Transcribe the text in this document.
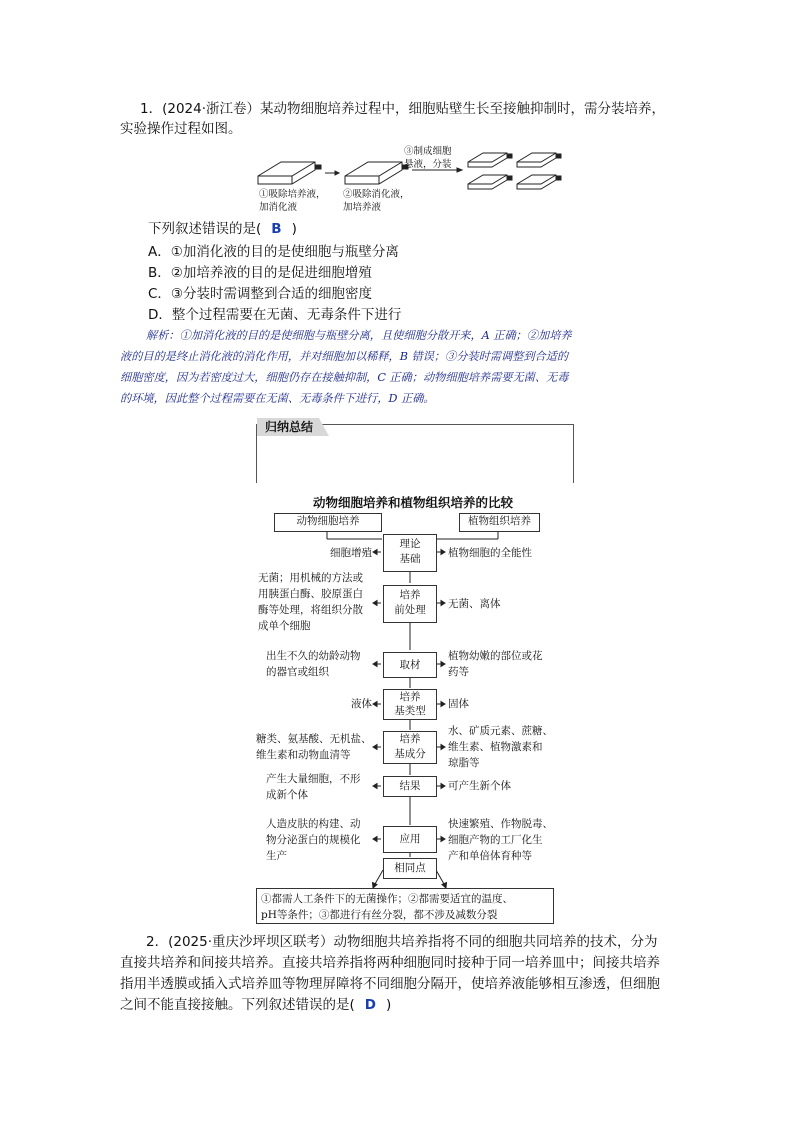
1．(2024·浙江卷）某动物细胞培养过程中，细胞贴壁生长至接触抑制时，需分装培养，
实验操作过程如图。
①吸除培养液，
加消化液
②吸除消化液，
加培养液
③制成细胞
悬液，分装
下列叙述错误的是( B )
A．①加消化液的目的是使细胞与瓶壁分离
B．②加培养液的目的是促进细胞增殖
C．③分装时需调整到合适的细胞密度
D．整个过程需要在无菌、无毒条件下进行
解析：①加消化液的目的是使细胞与瓶壁分离，且使细胞分散开来，A 正确；②加培养
液的目的是终止消化液的消化作用，并对细胞加以稀释，B 错误；③分装时需调整到合适的
细胞密度，因为若密度过大，细胞仍存在接触抑制，C 正确；动物细胞培养需要无菌、无毒
的环境，因此整个过程需要在无菌、无毒条件下进行，D 正确。
归纳总结
动物细胞培养和植物组织培养的比较
动物细胞培养	植物组织培养
理论
基础
培养
前处理
取材
培养
基类型
培养
基成分
结果
应用
相同点
细胞增殖
无菌；用机械的方法或
用胰蛋白酶、胶原蛋白
酶等处理，将组织分散
成单个细胞
出生不久的幼龄动物
的器官或组织
液体
糖类、氨基酸、无机盐、
维生素和动物血清等
产生大量细胞，不形
成新个体
人造皮肤的构建、动
物分泌蛋白的规模化
生产
植物细胞的全能性
无菌、离体
植物幼嫩的部位或花
药等
固体
水、矿质元素、蔗糖、
维生素、植物激素和
琼脂等
可产生新个体
快速繁殖、作物脱毒、
细胞产物的工厂化生
产和单倍体育种等
①都需人工条件下的无菌操作；②都需要适宜的温度、
pH等条件；③都进行有丝分裂，都不涉及减数分裂
2．(2025·重庆沙坪坝区联考）动物细胞共培养指将不同的细胞共同培养的技术，分为
直接共培养和间接共培养。直接共培养指将两种细胞同时接种于同一培养皿中；间接共培养
指用半透膜或插入式培养皿等物理屏障将不同细胞分隔开，使培养液能够相互渗透，但细胞
之间不能直接接触。下列叙述错误的是( D )
